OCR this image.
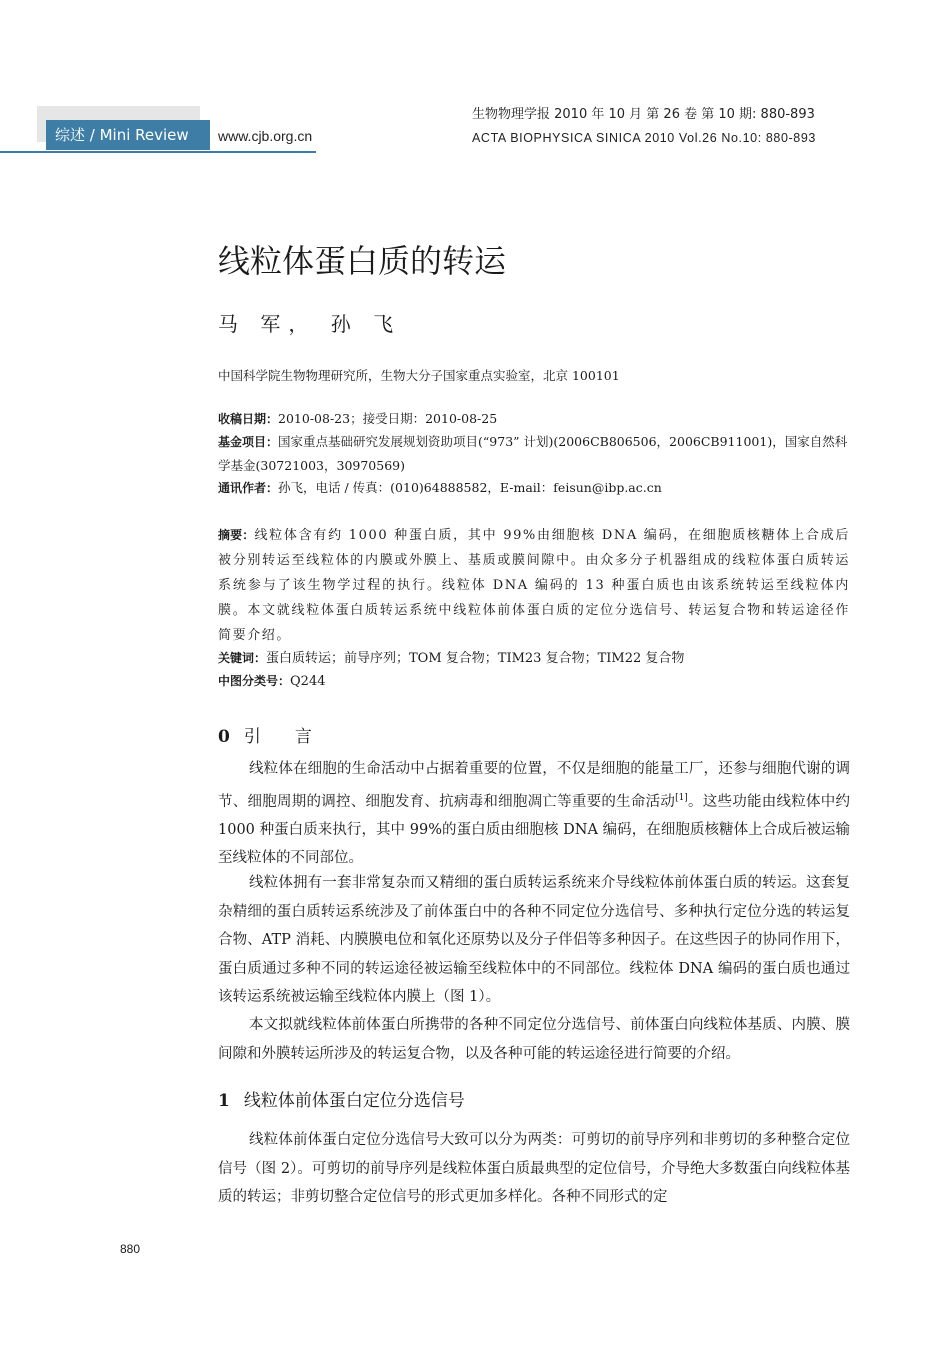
综述 / Mini Review	www.cjb.org.cn
生物物理学报 2010 年 10 月 第 26 卷 第 10 期: 880-893
ACTA BIOPHYSICA SINICA 2010 Vol.26 No.10: 880-893
线粒体蛋白质的转运
马 军， 孙 飞
中国科学院生物物理研究所，生物大分子国家重点实验室，北京 100101
收稿日期：2010-08-23；接受日期：2010-08-25
基金项目：国家重点基础研究发展规划资助项目(“973” 计划)(2006CB806506，2006CB911001)，国家自然科学基金(30721003，30970569)
通讯作者：孙飞，电话 / 传真：(010)64888582，E-mail：feisun@ibp.ac.cn
摘要：线粒体含有约 1000 种蛋白质，其中 99%由细胞核 DNA 编码，在细胞质核糖体上合成后被分别转运至线粒体的内膜或外膜上、基质或膜间隙中。由众多分子机器组成的线粒体蛋白质转运系统参与了该生物学过程的执行。线粒体 DNA 编码的 13 种蛋白质也由该系统转运至线粒体内膜。本文就线粒体蛋白质转运系统中线粒体前体蛋白质的定位分选信号、转运复合物和转运途径作简要介绍。
关键词：蛋白质转运；前导序列；TOM 复合物；TIM23 复合物；TIM22 复合物
中图分类号：Q244
0 引　　言
线粒体在细胞的生命活动中占据着重要的位置，不仅是细胞的能量工厂，还参与细胞代谢的调节、细胞周期的调控、细胞发育、抗病毒和细胞凋亡等重要的生命活动[1]。这些功能由线粒体中约 1000 种蛋白质来执行，其中 99%的蛋白质由细胞核 DNA 编码，在细胞质核糖体上合成后被运输至线粒体的不同部位。
线粒体拥有一套非常复杂而又精细的蛋白质转运系统来介导线粒体前体蛋白质的转运。这套复杂精细的蛋白质转运系统涉及了前体蛋白中的各种不同定位分选信号、多种执行定位分选的转运复合物、ATP 消耗、内膜膜电位和氧化还原势以及分子伴侣等多种因子。在这些因子的协同作用下，蛋白质通过多种不同的转运途径被运输至线粒体中的不同部位。线粒体 DNA 编码的蛋白质也通过该转运系统被运输至线粒体内膜上（图 1）。
本文拟就线粒体前体蛋白所携带的各种不同定位分选信号、前体蛋白向线粒体基质、内膜、膜间隙和外膜转运所涉及的转运复合物，以及各种可能的转运途径进行简要的介绍。
1 线粒体前体蛋白定位分选信号
线粒体前体蛋白定位分选信号大致可以分为两类：可剪切的前导序列和非剪切的多种整合定位信号（图 2）。可剪切的前导序列是线粒体蛋白质最典型的定位信号，介导绝大多数蛋白向线粒体基质的转运；非剪切整合定位信号的形式更加多样化。各种不同形式的定
880
